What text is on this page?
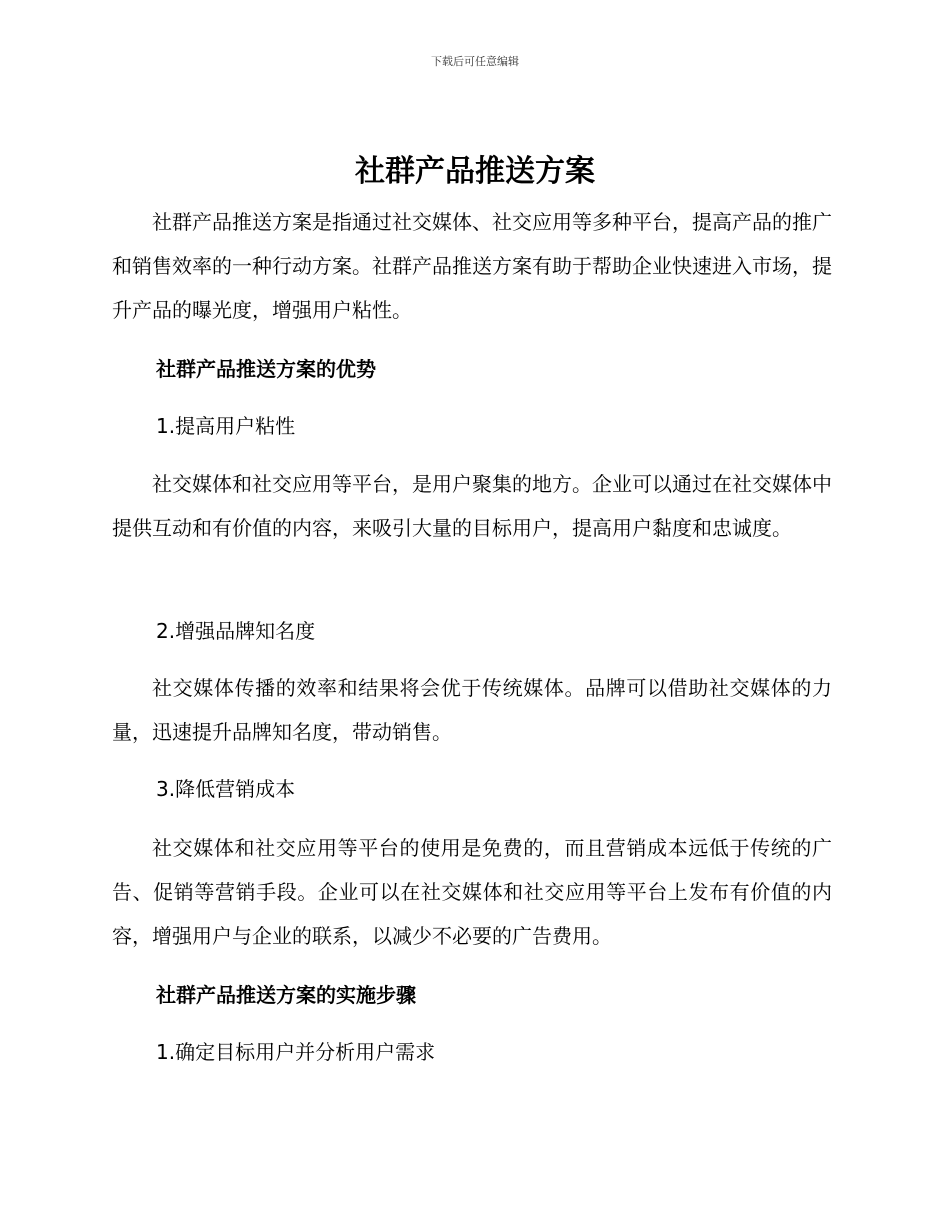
下载后可任意编辑
社群产品推送方案

社群产品推送方案是指通过社交媒体、社交应用等多种平台，提高产品的推广和销售效率的一种行动方案。社群产品推送方案有助于帮助企业快速进入市场，提升产品的曝光度，增强用户粘性。

社群产品推送方案的优势

1.提高用户粘性

社交媒体和社交应用等平台，是用户聚集的地方。企业可以通过在社交媒体中提供互动和有价值的内容，来吸引大量的目标用户，提高用户黏度和忠诚度。

2.增强品牌知名度

社交媒体传播的效率和结果将会优于传统媒体。品牌可以借助社交媒体的力量，迅速提升品牌知名度，带动销售。

3.降低营销成本

社交媒体和社交应用等平台的使用是免费的，而且营销成本远低于传统的广告、促销等营销手段。企业可以在社交媒体和社交应用等平台上发布有价值的内容，增强用户与企业的联系，以减少不必要的广告费用。

社群产品推送方案的实施步骤

1.确定目标用户并分析用户需求
